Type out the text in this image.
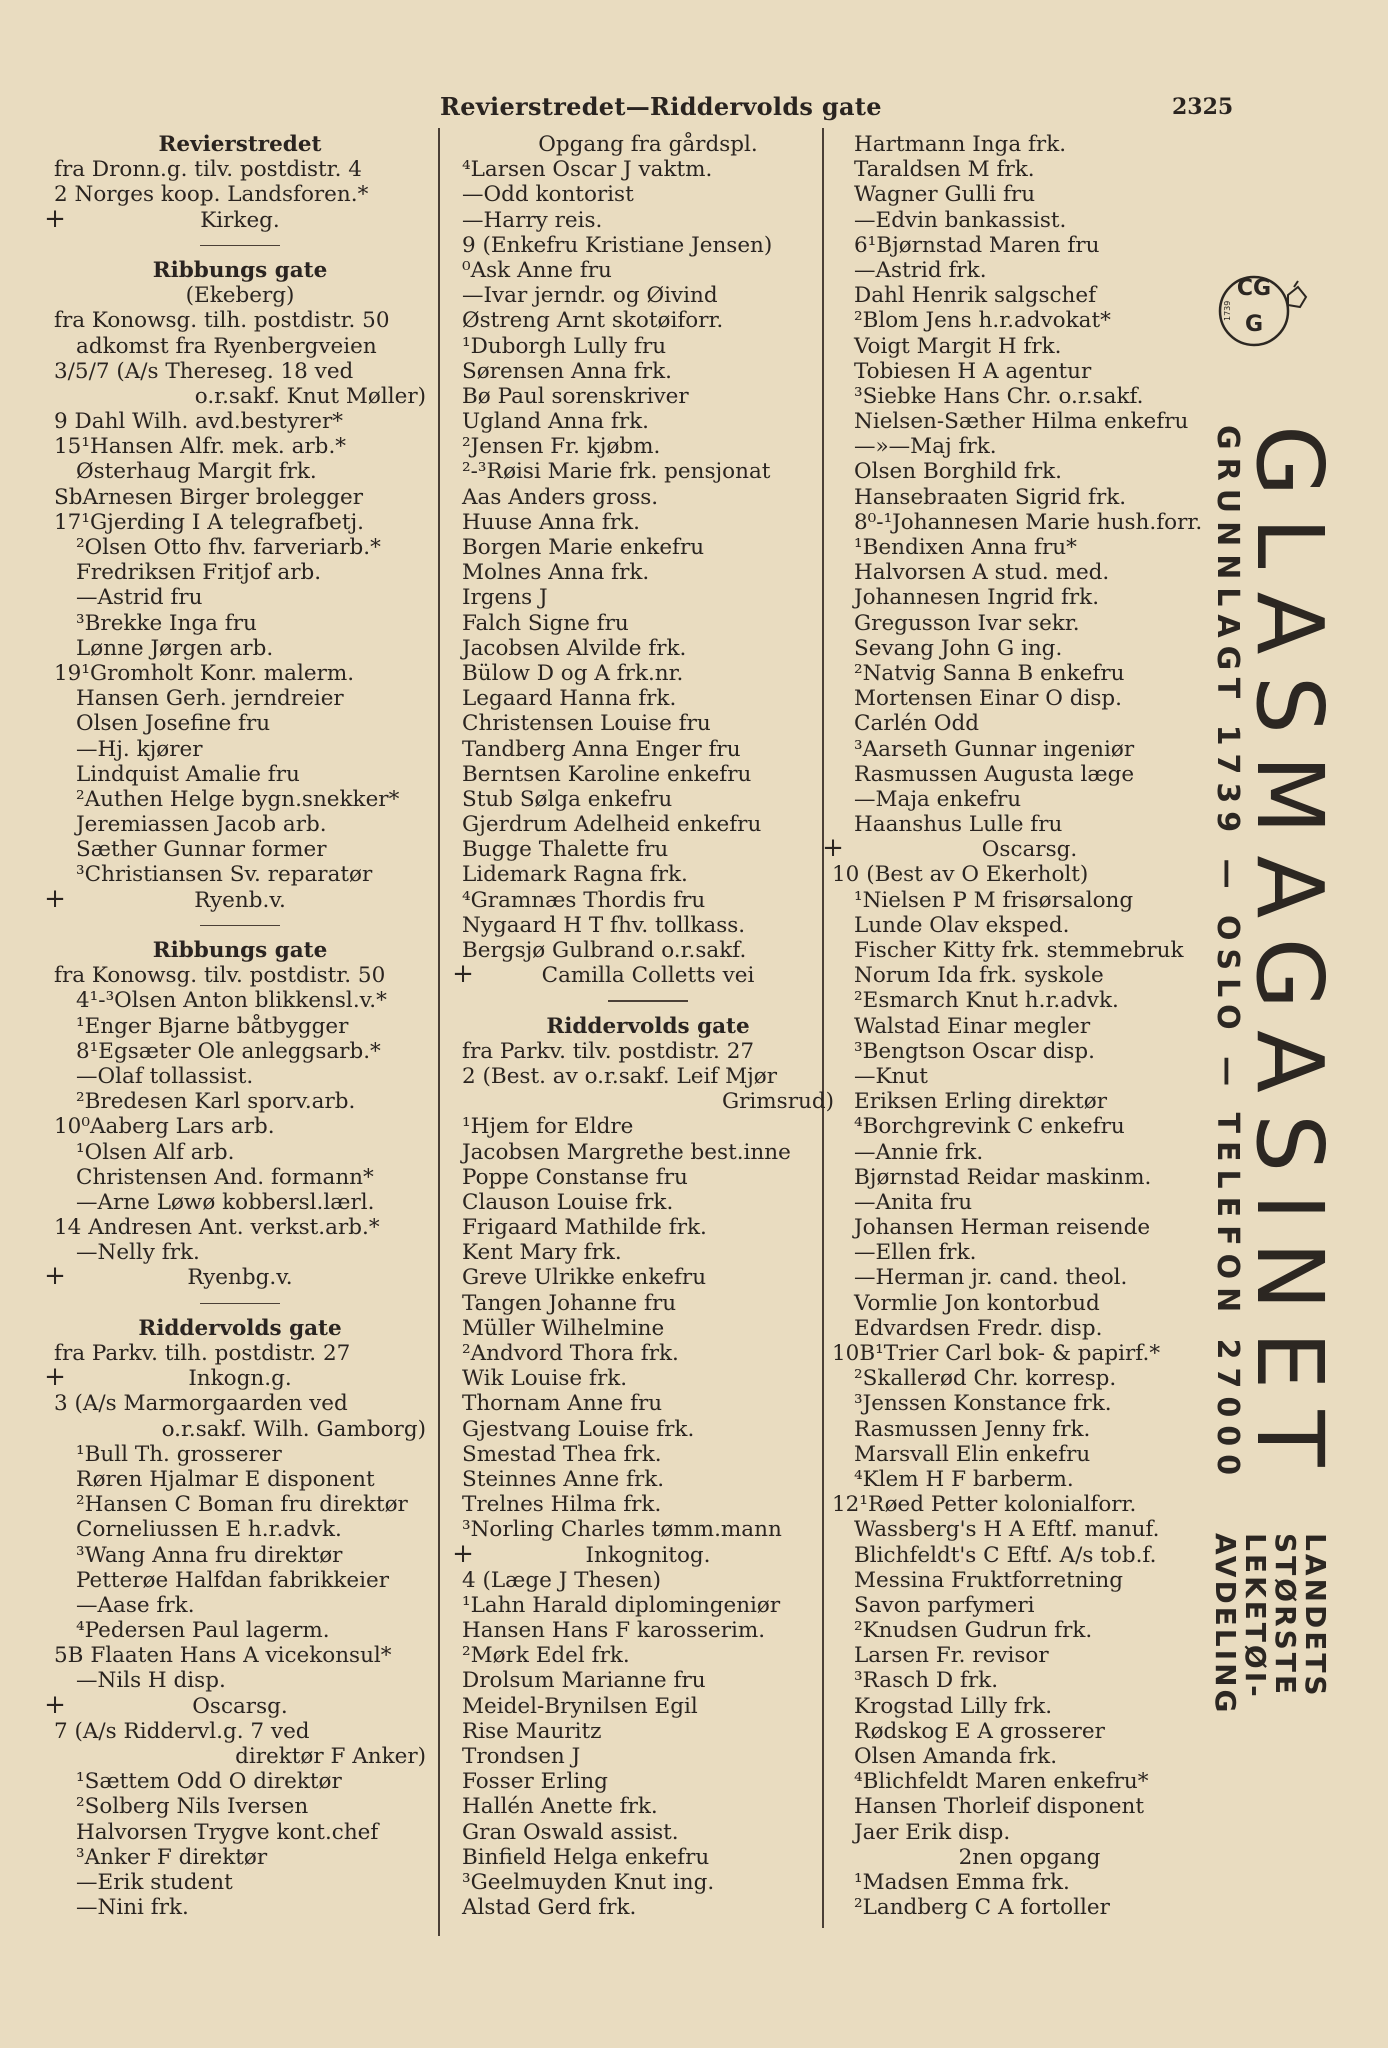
Revierstredet—Riddervolds gate	2325
Revierstredet
fra Dronn.g. tilv. postdistr. 4
2 Norges koop. Landsforen.*
+	Kirkeg.
Ribbungs gate
(Ekeberg)
fra Konowsg. tilh. postdistr. 50
adkomst fra Ryenbergveien
3/5/7 (A/s Thereseg. 18 ved
o.r.sakf. Knut Møller)
9 Dahl Wilh. avd.bestyrer*
15¹Hansen Alfr. mek. arb.*
Østerhaug Margit frk.
SbArnesen Birger brolegger
17¹Gjerding I A telegrafbetj.
²Olsen Otto fhv. farveriarb.*
Fredriksen Fritjof arb.
—Astrid fru
³Brekke Inga fru
Lønne Jørgen arb.
19¹Gromholt Konr. malerm.
Hansen Gerh. jerndreier
Olsen Josefine fru
—Hj. kjører
Lindquist Amalie fru
²Authen Helge bygn.snekker*
Jeremiassen Jacob arb.
Sæther Gunnar former
³Christiansen Sv. reparatør
+	Ryenb.v.
Ribbungs gate
fra Konowsg. tilv. postdistr. 50
4¹-³Olsen Anton blikkensl.v.*
¹Enger Bjarne båtbygger
8¹Egsæter Ole anleggsarb.*
—Olaf tollassist.
²Bredesen Karl sporv.arb.
10⁰Aaberg Lars arb.
¹Olsen Alf arb.
Christensen And. formann*
—Arne Løwø kobbersl.lærl.
14 Andresen Ant. verkst.arb.*
—Nelly frk.
+	Ryenbg.v.
Riddervolds gate
fra Parkv. tilh. postdistr. 27
+	Inkogn.g.
3 (A/s Marmorgaarden ved
o.r.sakf. Wilh. Gamborg)
¹Bull Th. grosserer
Røren Hjalmar E disponent
²Hansen C Boman fru direktør
Corneliussen E h.r.advk.
³Wang Anna fru direktør
Petterøe Halfdan fabrikkeier
—Aase frk.
⁴Pedersen Paul lagerm.
5B Flaaten Hans A vicekonsul*
—Nils H disp.
+	Oscarsg.
7 (A/s Riddervl.g. 7 ved
direktør F Anker)
¹Sættem Odd O direktør
²Solberg Nils Iversen
Halvorsen Trygve kont.chef
³Anker F direktør
—Erik student
—Nini frk.
Opgang fra gårdspl.
⁴Larsen Oscar J vaktm.
—Odd kontorist
—Harry reis.
9 (Enkefru Kristiane Jensen)
⁰Ask Anne fru
—Ivar jerndr. og Øivind
Østreng Arnt skotøiforr.
¹Duborgh Lully fru
Sørensen Anna frk.
Bø Paul sorenskriver
Ugland Anna frk.
²Jensen Fr. kjøbm.
²-³Røisi Marie frk. pensjonat
Aas Anders gross.
Huuse Anna frk.
Borgen Marie enkefru
Molnes Anna frk.
Irgens J
Falch Signe fru
Jacobsen Alvilde frk.
Bülow D og A frk.nr.
Legaard Hanna frk.
Christensen Louise fru
Tandberg Anna Enger fru
Berntsen Karoline enkefru
Stub Sølga enkefru
Gjerdrum Adelheid enkefru
Bugge Thalette fru
Lidemark Ragna frk.
⁴Gramnæs Thordis fru
Nygaard H T fhv. tollkass.
Bergsjø Gulbrand o.r.sakf.
+	Camilla Colletts vei
Riddervolds gate
fra Parkv. tilv. postdistr. 27
2 (Best. av o.r.sakf. Leif Mjør
Grimsrud)
¹Hjem for Eldre
Jacobsen Margrethe best.inne
Poppe Constanse fru
Clauson Louise frk.
Frigaard Mathilde frk.
Kent Mary frk.
Greve Ulrikke enkefru
Tangen Johanne fru
Müller Wilhelmine
²Andvord Thora frk.
Wik Louise frk.
Thornam Anne fru
Gjestvang Louise frk.
Smestad Thea frk.
Steinnes Anne frk.
Trelnes Hilma frk.
³Norling Charles tømm.mann
+	Inkognitog.
4 (Læge J Thesen)
¹Lahn Harald diplomingeniør
Hansen Hans F karosserim.
²Mørk Edel frk.
Drolsum Marianne fru
Meidel-Brynilsen Egil
Rise Mauritz
Trondsen J
Fosser Erling
Hallén Anette frk.
Gran Oswald assist.
Binfield Helga enkefru
³Geelmuyden Knut ing.
Alstad Gerd frk.
Hartmann Inga frk.
Taraldsen M frk.
Wagner Gulli fru
—Edvin bankassist.
6¹Bjørnstad Maren fru
—Astrid frk.
Dahl Henrik salgschef
²Blom Jens h.r.advokat*
Voigt Margit H frk.
Tobiesen H A agentur
³Siebke Hans Chr. o.r.sakf.
Nielsen-Sæther Hilma enkefru
—»—Maj frk.
Olsen Borghild frk.
Hansebraaten Sigrid frk.
8⁰-¹Johannesen Marie hush.forr.
¹Bendixen Anna fru*
Halvorsen A stud. med.
Johannesen Ingrid frk.
Gregusson Ivar sekr.
Sevang John G ing.
²Natvig Sanna B enkefru
Mortensen Einar O disp.
Carlén Odd
³Aarseth Gunnar ingeniør
Rasmussen Augusta læge
—Maja enkefru
Haanshus Lulle fru
+	Oscarsg.
10 (Best av O Ekerholt)
¹Nielsen P M frisørsalong
Lunde Olav eksped.
Fischer Kitty frk. stemmebruk
Norum Ida frk. syskole
²Esmarch Knut h.r.advk.
Walstad Einar megler
³Bengtson Oscar disp.
—Knut
Eriksen Erling direktør
⁴Borchgrevink C enkefru
—Annie frk.
Bjørnstad Reidar maskinm.
—Anita fru
Johansen Herman reisende
—Ellen frk.
—Herman jr. cand. theol.
Vormlie Jon kontorbud
Edvardsen Fredr. disp.
10B¹Trier Carl bok- & papirf.*
²Skallerød Chr. korresp.
³Jenssen Konstance frk.
Rasmussen Jenny frk.
Marsvall Elin enkefru
⁴Klem H F barberm.
12¹Røed Petter kolonialforr.
Wassberg's H A Eftf. manuf.
Blichfeldt's C Eftf. A/s tob.f.
Messina Fruktforretning
Savon parfymeri
²Knudsen Gudrun frk.
Larsen Fr. revisor
³Rasch D frk.
Krogstad Lilly frk.
Rødskog E A grosserer
Olsen Amanda frk.
⁴Blichfeldt Maren enkefru*
Hansen Thorleif disponent
Jaer Erik disp.
2nen opgang
¹Madsen Emma frk.
²Landberg C A fortoller
CG
G
1739
GRUNNLAGT 1739 — OSLO — TELEFON 27000
GLASMAGASINET
LANDETS
STØRSTE
LEKETØI-
AVDELING
